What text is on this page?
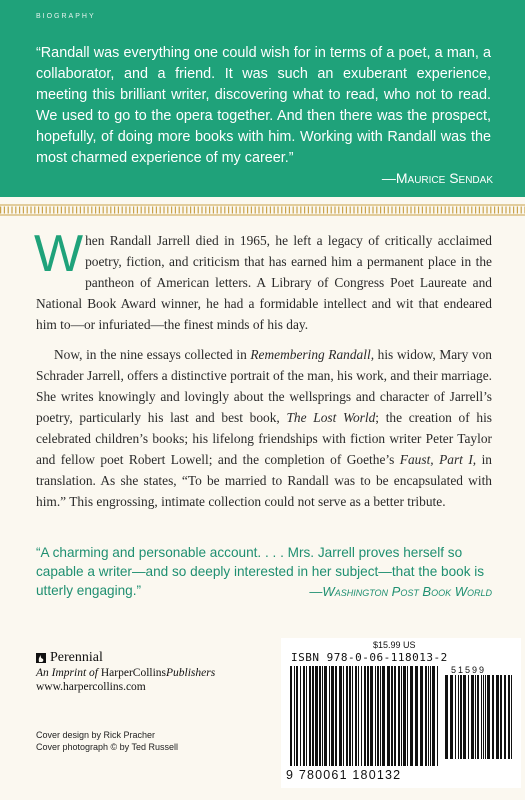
BIOGRAPHY

“Randall was everything one could wish for in terms of a poet, a man, a collaborator, and a friend. It was such an exuberant experience, meeting this brilliant writer, discovering what to read, who not to read. We used to go to the opera together. And then there was the prospect, hopefully, of doing more books with him. Working with Randall was the most charmed experience of my career.”

—Maurice Sendak

When Randall Jarrell died in 1965, he left a legacy of critically acclaimed poetry, fiction, and criticism that has earned him a permanent place in the pantheon of American letters. A Library of Congress Poet Laureate and National Book Award winner, he had a formidable intellect and wit that endeared him to—or infuriated—the finest minds of his day.

Now, in the nine essays collected in Remembering Randall, his widow, Mary von Schrader Jarrell, offers a distinctive portrait of the man, his work, and their marriage. She writes knowingly and lovingly about the wellsprings and character of Jarrell’s poetry, particularly his last and best book, The Lost World; the creation of his celebrated children’s books; his lifelong friendships with fiction writer Peter Taylor and fellow poet Robert Lowell; and the completion of Goethe’s Faust, Part I, in translation. As she states, “To be married to Randall was to be encapsulated with him.” This engrossing, intimate collection could not serve as a better tribute.

“A charming and personable account. . . . Mrs. Jarrell proves herself so capable a writer—and so deeply interested in her subject—that the book is utterly engaging.”	—Washington Post Book World
Perennial
An Imprint of HarperCollinsPublishers
www.harpercollins.com
Cover design by Rick Pracher
Cover photograph © by Ted Russell
$15.99 US
ISBN 978-0-06-118013-2
51599
9 780061 180132
